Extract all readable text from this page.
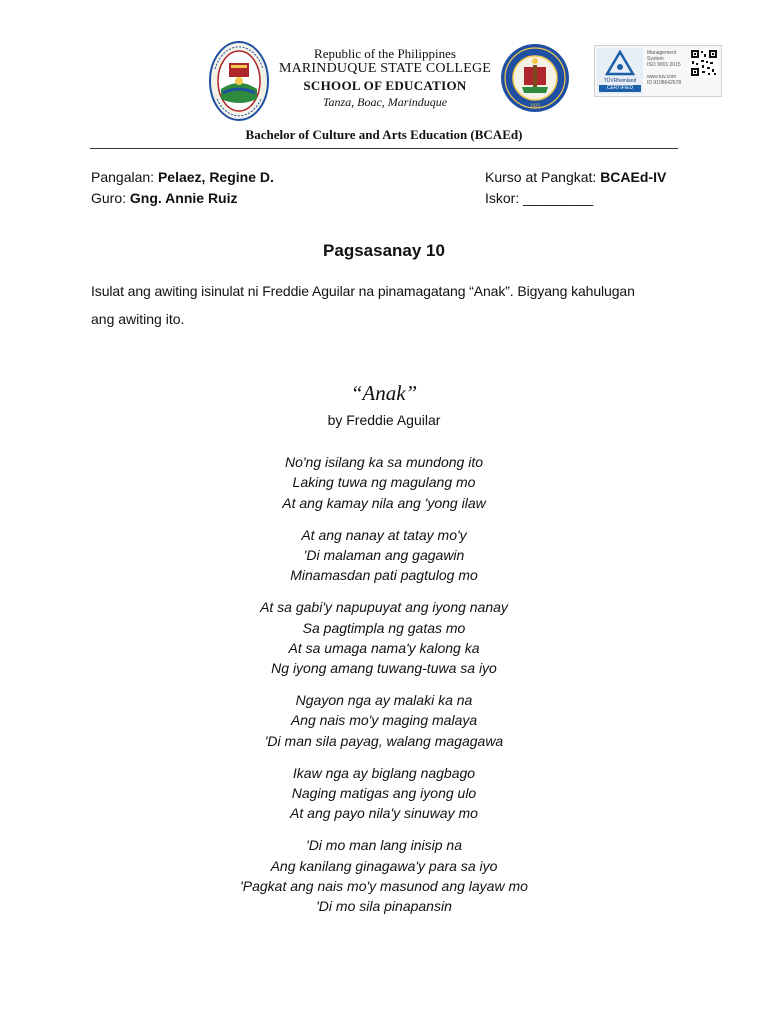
1925
TÜVRheinland
CERTIFIED
Management
System
ISO 9001:2015

www.tuv.com
ID 9108642678
Republic of the Philippines
MARINDUQUE STATE COLLEGE
SCHOOL OF EDUCATION
Tanza, Boac, Marinduque
Bachelor of Culture and Arts Education (BCAEd)
Pangalan: Pelaez, Regine D.
Guro: Gng. Annie Ruiz
Kurso at Pangkat: BCAEd-IV
Iskor: _________
Pagsasanay 10
Isulat ang awiting isinulat ni Freddie Aguilar na pinamagatang “Anak”. Bigyang kahulugan
ang awiting ito.
“Anak”
by Freddie Aguilar
No'ng isilang ka sa mundong ito
Laking tuwa ng magulang mo
At ang kamay nila ang 'yong ilaw
At ang nanay at tatay mo'y
'Di malaman ang gagawin
Minamasdan pati pagtulog mo
At sa gabi'y napupuyat ang iyong nanay
Sa pagtimpla ng gatas mo
At sa umaga nama'y kalong ka
Ng iyong amang tuwang-tuwa sa iyo
Ngayon nga ay malaki ka na
Ang nais mo'y maging malaya
'Di man sila payag, walang magagawa
Ikaw nga ay biglang nagbago
Naging matigas ang iyong ulo
At ang payo nila'y sinuway mo
'Di mo man lang inisip na
Ang kanilang ginagawa'y para sa iyo
'Pagkat ang nais mo'y masunod ang layaw mo
'Di mo sila pinapansin
